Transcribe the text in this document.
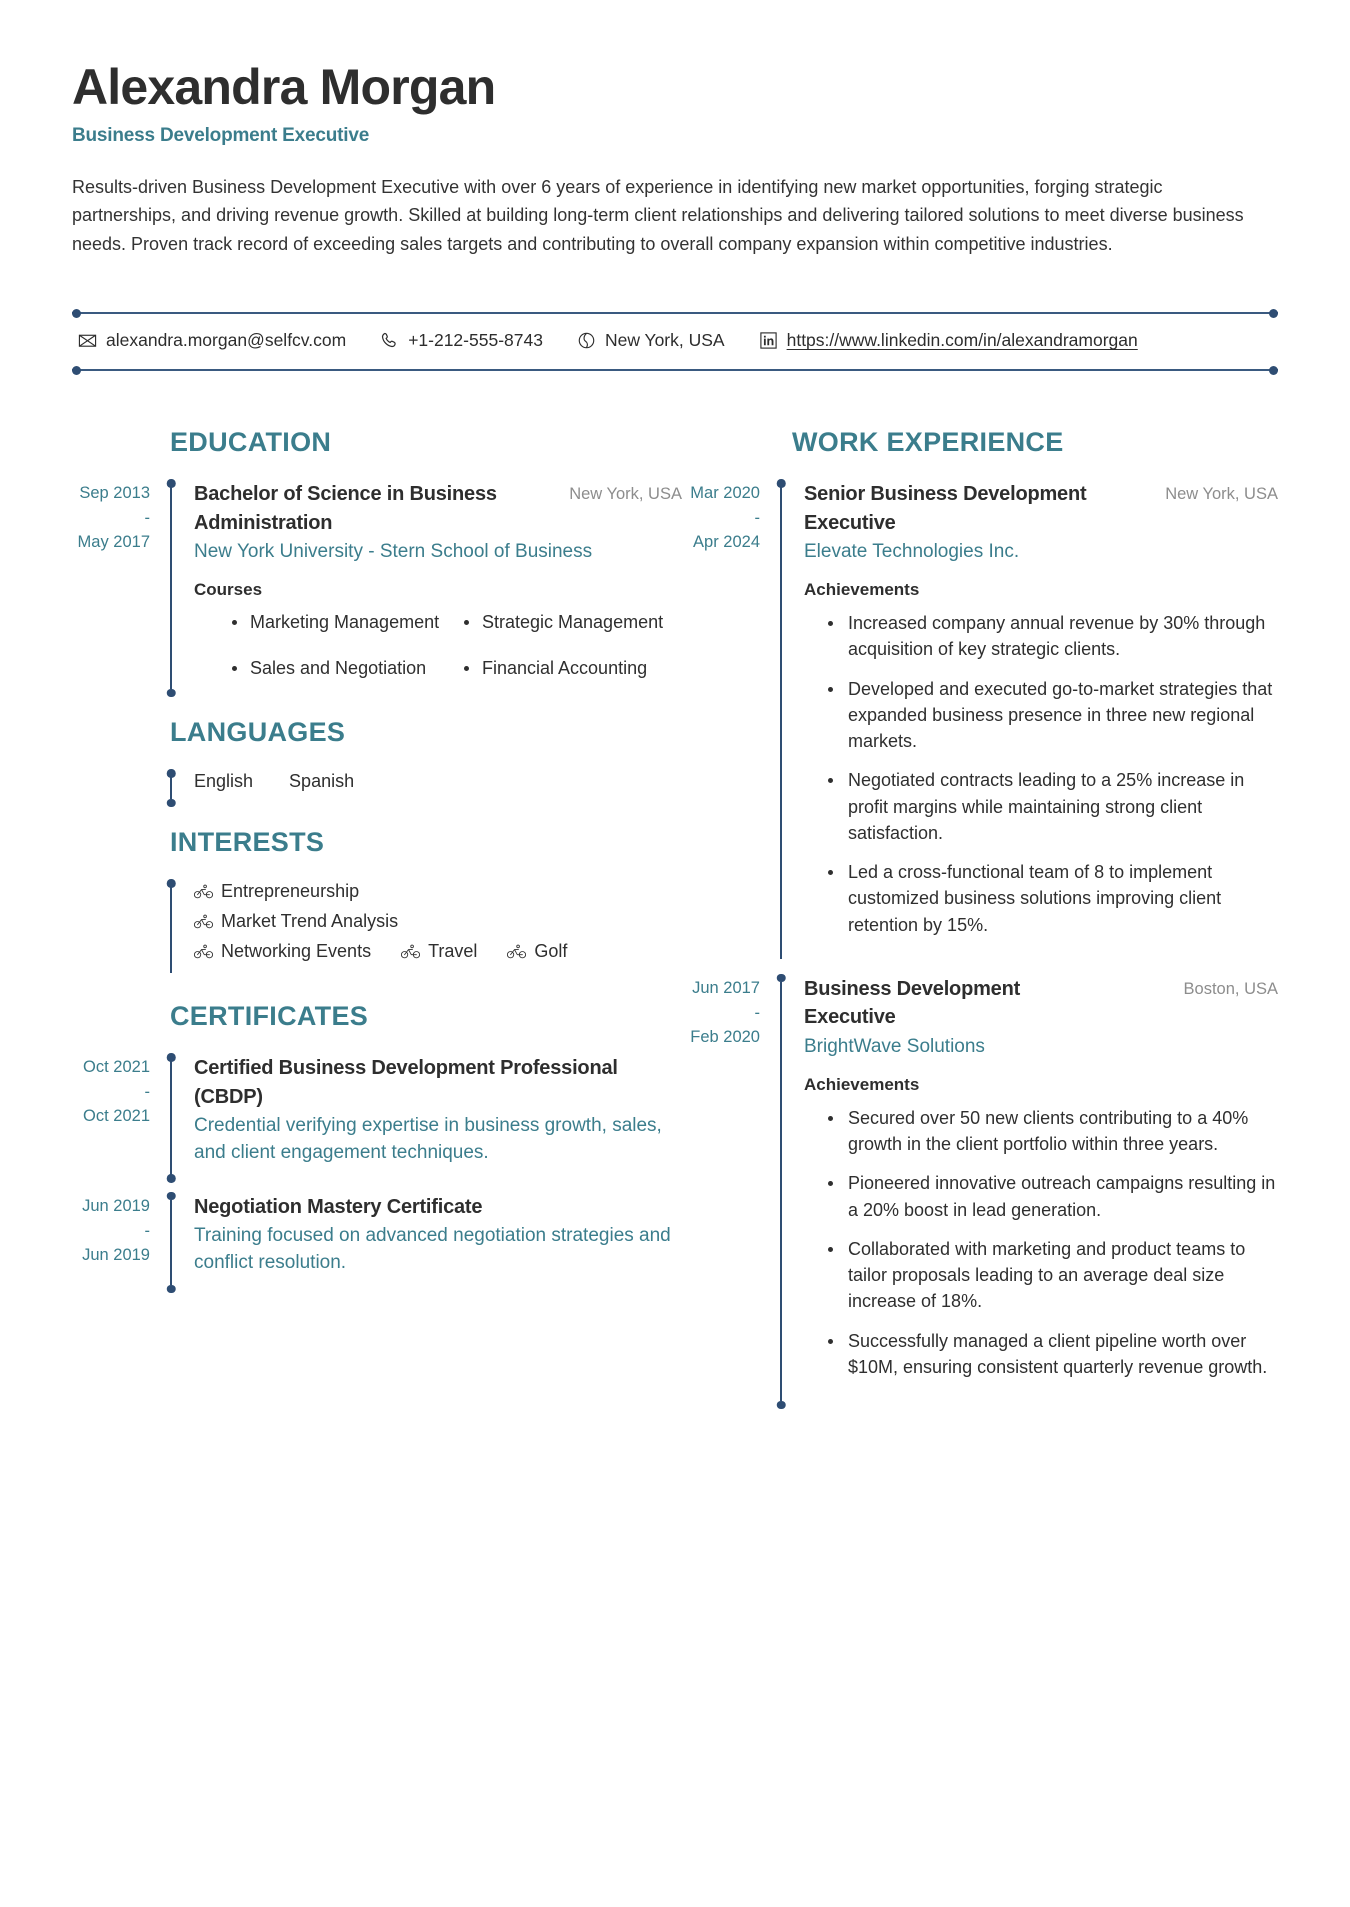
Alexandra Morgan
Business Development Executive
Results-driven Business Development Executive with over 6 years of experience in identifying new market opportunities, forging strategic partnerships, and driving revenue growth. Skilled at building long-term client relationships and delivering tailored solutions to meet diverse business needs. Proven track record of exceeding sales targets and contributing to overall company expansion within competitive industries.
alexandra.morgan@selfcv.com	+1-212-555-8743	New York, USA	https://www.linkedin.com/in/alexandramorgan
EDUCATION
Sep 2013
-
May 2017
Bachelor of Science in Business Administration
New York, USA
New York University - Stern School of Business
Courses
Marketing Management	Strategic Management
Sales and Negotiation	Financial Accounting
LANGUAGES
English Spanish
INTERESTS
Entrepreneurship
Market Trend Analysis
Networking Events	Travel	Golf
CERTIFICATES
Oct 2021
-
Oct 2021
Certified Business Development Professional (CBDP)
Credential verifying expertise in business growth, sales, and client engagement techniques.
Jun 2019
-
Jun 2019
Negotiation Mastery Certificate
Training focused on advanced negotiation strategies and conflict resolution.
WORK EXPERIENCE
Mar 2020
-
Apr 2024
Senior Business Development Executive
New York, USA
Elevate Technologies Inc.
Achievements
Increased company annual revenue by 30% through acquisition of key strategic clients.
Developed and executed go-to-market strategies that expanded business presence in three new regional markets.
Negotiated contracts leading to a 25% increase in profit margins while maintaining strong client satisfaction.
Led a cross-functional team of 8 to implement customized business solutions improving client retention by 15%.
Jun 2017
-
Feb 2020
Business Development Executive
Boston, USA
BrightWave Solutions
Achievements
Secured over 50 new clients contributing to a 40% growth in the client portfolio within three years.
Pioneered innovative outreach campaigns resulting in a 20% boost in lead generation.
Collaborated with marketing and product teams to tailor proposals leading to an average deal size increase of 18%.
Successfully managed a client pipeline worth over $10M, ensuring consistent quarterly revenue growth.
